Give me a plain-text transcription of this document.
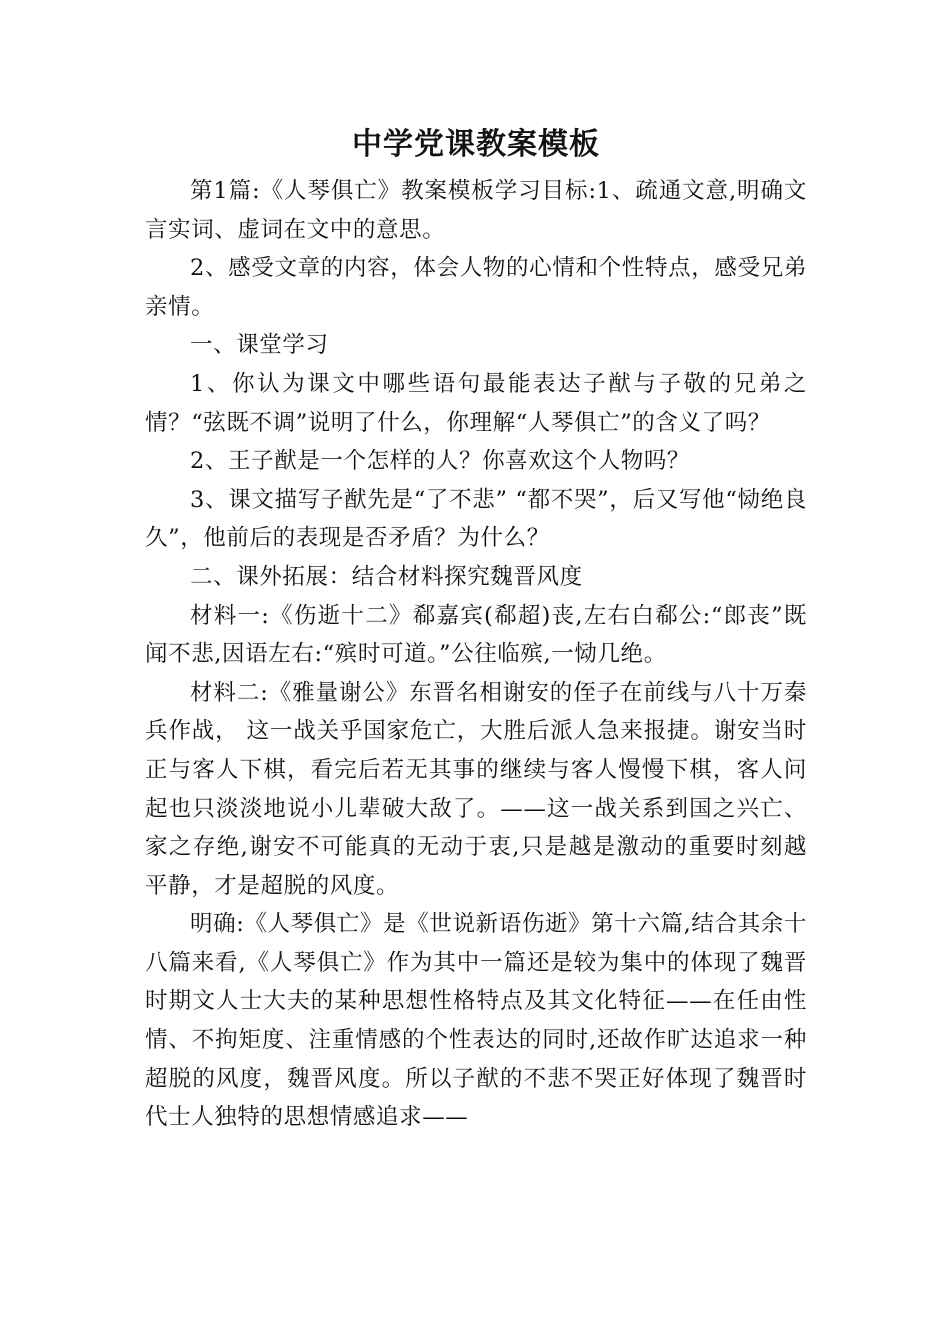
中学党课教案模板

第1篇:《人琴俱亡》教案模板学习目标:1、疏通文意,明确文言实词、虚词在文中的意思。

2、感受文章的内容，体会人物的心情和个性特点，感受兄弟亲情。

一、课堂学习

1、你认为课文中哪些语句最能表达子猷与子敬的兄弟之情？“弦既不调”说明了什么，你理解“人琴俱亡”的含义了吗？

2、王子猷是一个怎样的人？你喜欢这个人物吗？

3、课文描写子猷先是“了不悲” “都不哭”，后又写他“恸绝良久”，他前后的表现是否矛盾？为什么？

二、课外拓展：结合材料探究魏晋风度

材料一:《伤逝十二》郗嘉宾(郗超)丧,左右白郗公:“郎丧”既闻不悲,因语左右:“殡时可道。”公往临殡,一恸几绝。

材料二:《雅量谢公》东晋名相谢安的侄子在前线与八十万秦兵作战， 这一战关乎国家危亡，大胜后派人急来报捷。谢安当时正与客人下棋，看完后若无其事的继续与客人慢慢下棋，客人问起也只淡淡地说小儿辈破大敌了。——这一战关系到国之兴亡、家之存绝,谢安不可能真的无动于衷,只是越是激动的重要时刻越平静，才是超脱的风度。

明确:《人琴俱亡》是《世说新语伤逝》第十六篇,结合其余十八篇来看,《人琴俱亡》作为其中一篇还是较为集中的体现了魏晋时期文人士大夫的某种思想性格特点及其文化特征——在任由性情、不拘矩度、注重情感的个性表达的同时,还故作旷达追求一种超脱的风度，魏晋风度。所以子猷的不悲不哭正好体现了魏晋时代士人独特的思想情感追求——
